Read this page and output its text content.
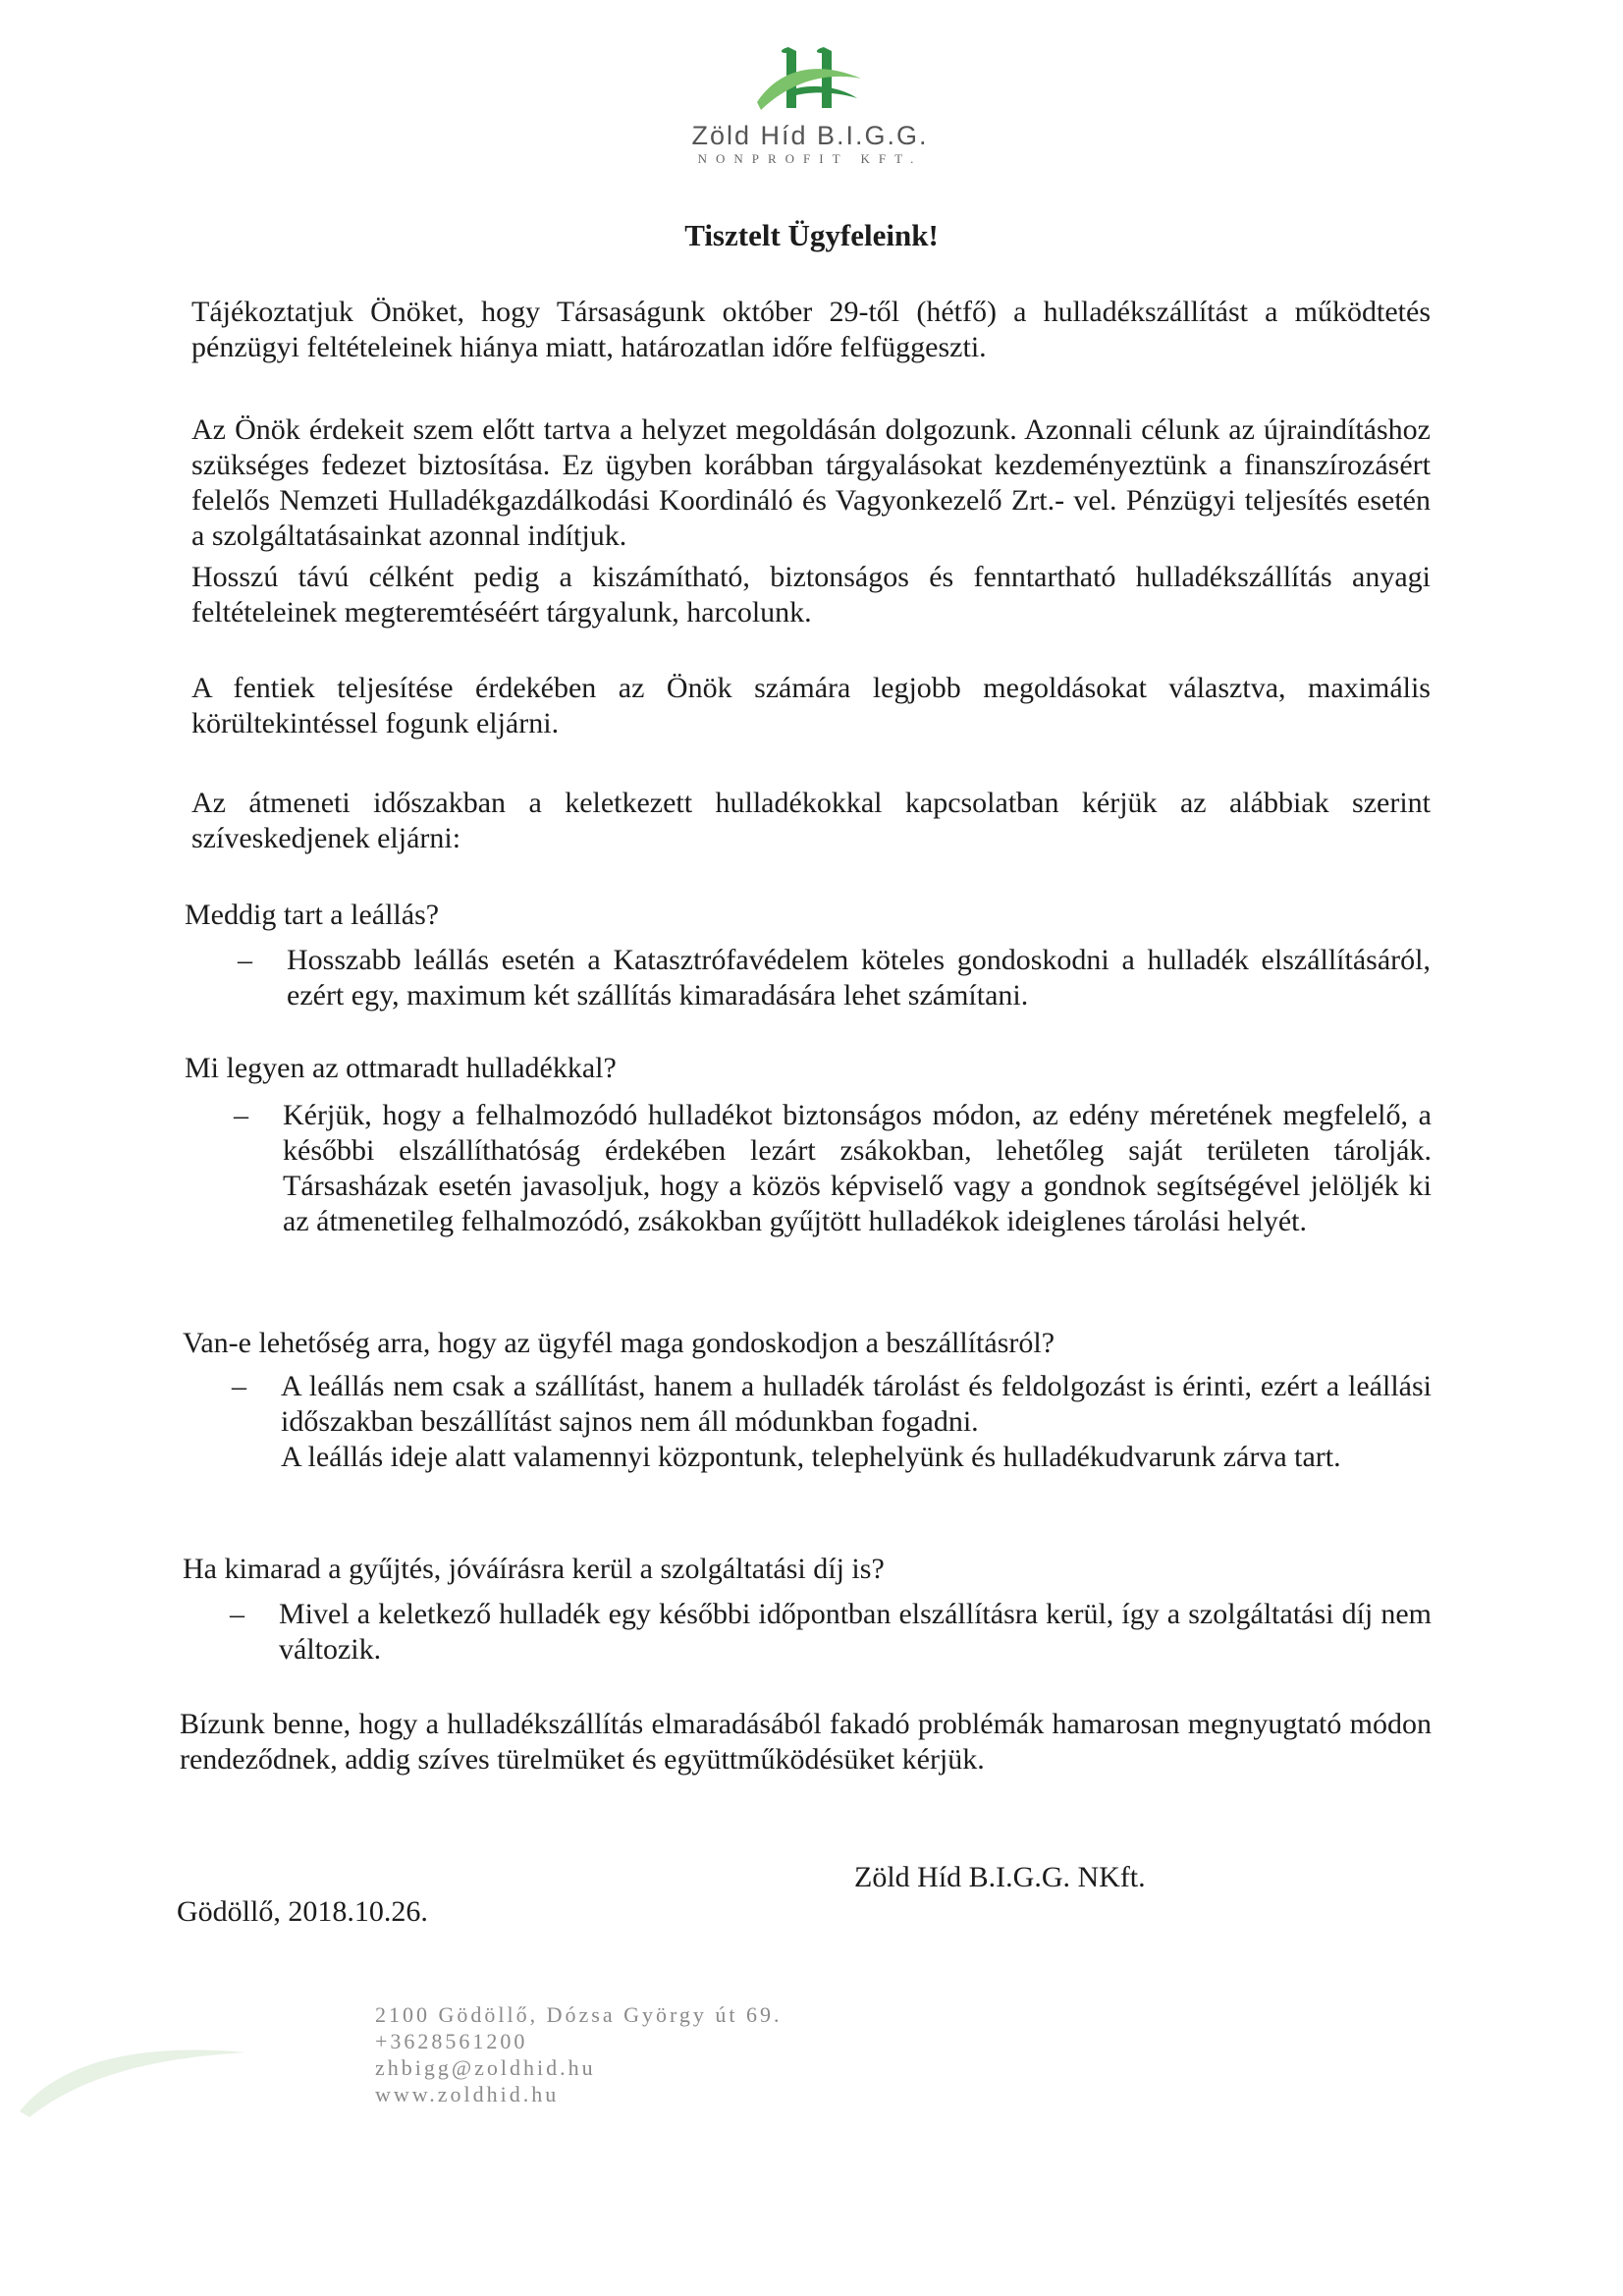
Zöld Híd B.I.G.G.
NONPROFIT KFT.
Tisztelt Ügyfeleink!
Tájékoztatjuk Önöket, hogy Társaságunk október 29-től (hétfő) a hulladékszállítást a működtetés pénzügyi feltételeinek hiánya miatt, határozatlan időre felfüggeszti.
Az Önök érdekeit szem előtt tartva a helyzet megoldásán dolgozunk. Azonnali célunk az újraindításhoz szükséges fedezet biztosítása. Ez ügyben korábban tárgyalásokat kezdeményeztünk a finanszírozásért felelős Nemzeti Hulladékgazdálkodási Koordináló és Vagyonkezelő Zrt.- vel. Pénzügyi teljesítés esetén a szolgáltatásainkat azonnal indítjuk.
Hosszú távú célként pedig a kiszámítható, biztonságos és fenntartható hulladékszállítás anyagi feltételeinek megteremtéséért tárgyalunk, harcolunk.
A fentiek teljesítése érdekében az Önök számára legjobb megoldásokat választva, maximális körültekintéssel fogunk eljárni.
Az átmeneti időszakban a keletkezett hulladékokkal kapcsolatban kérjük az alábbiak szerint szíveskedjenek eljárni:
Meddig tart a leállás?
– Hosszabb leállás esetén a Katasztrófavédelem köteles gondoskodni a hulladék elszállításáról, ezért egy, maximum két szállítás kimaradására lehet számítani.
Mi legyen az ottmaradt hulladékkal?
– Kérjük, hogy a felhalmozódó hulladékot biztonságos módon, az edény méretének megfelelő, a későbbi elszállíthatóság érdekében lezárt zsákokban, lehetőleg saját területen tárolják. Társasházak esetén javasoljuk, hogy a közös képviselő vagy a gondnok segítségével jelöljék ki az átmenetileg felhalmozódó, zsákokban gyűjtött hulladékok ideiglenes tárolási helyét.
Van-e lehetőség arra, hogy az ügyfél maga gondoskodjon a beszállításról?
– A leállás nem csak a szállítást, hanem a hulladék tárolást és feldolgozást is érinti, ezért a leállási időszakban beszállítást sajnos nem áll módunkban fogadni.
A leállás ideje alatt valamennyi központunk, telephelyünk és hulladékudvarunk zárva tart.
Ha kimarad a gyűjtés, jóváírásra kerül a szolgáltatási díj is?
– Mivel a keletkező hulladék egy későbbi időpontban elszállításra kerül, így a szolgáltatási díj nem változik.
Bízunk benne, hogy a hulladékszállítás elmaradásából fakadó problémák hamarosan megnyugtató módon rendeződnek, addig szíves türelmüket és együttműködésüket kérjük.
Zöld Híd B.I.G.G. NKft.
Gödöllő, 2018.10.26.
2100 Gödöllő, Dózsa György út 69.
+3628561200
zhbigg@zoldhid.hu
www.zoldhid.hu
